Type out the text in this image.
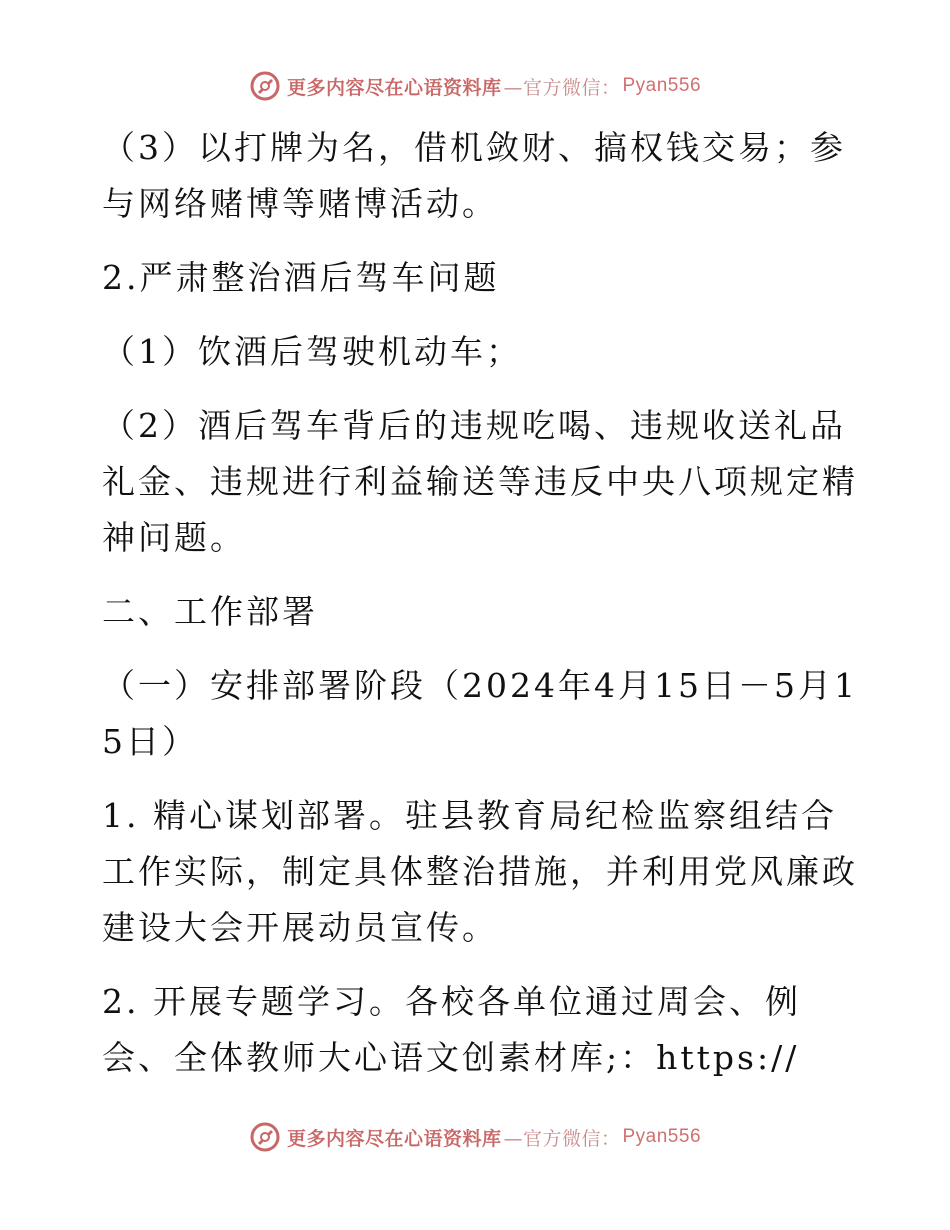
更多内容尽在心语资料库 —官方微信： Pyan556

（3）以打牌为名，借机敛财、搞权钱交易；参与网络赌博等赌博活动。

2.严肃整治酒后驾车问题

（1）饮酒后驾驶机动车；

（2）酒后驾车背后的违规吃喝、违规收送礼品礼金、违规进行利益输送等违反中央八项规定精神问题。

二、工作部署

（一）安排部署阶段（2024年4月15日－5月15日）

1. 精心谋划部署。驻县教育局纪检监察组结合工作实际，制定具体整治措施，并利用党风廉政建设大会开展动员宣传。

2. 开展专题学习。各校各单位通过周会、例会、全体教师大心语文创素材库;：https://

更多内容尽在心语资料库 —官方微信： Pyan556
